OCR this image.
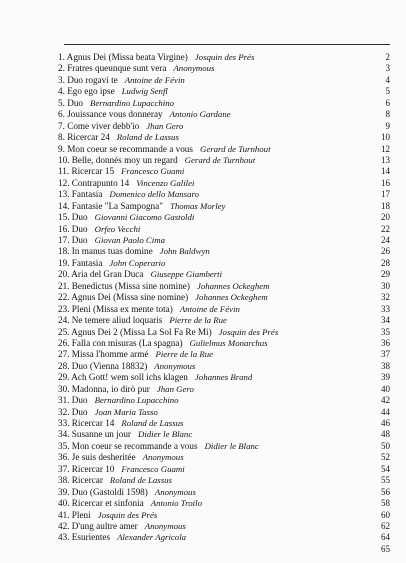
1. Agnus Dei (Missa beata Virgine) Josquin des Prés	2
2. Fratres queunque sunt vera Anonymous	3
3. Duo rogavi te Antoine de Févin	4
4. Ego ego ipse Ludwig Senfl	5
5. Duo Bernardino Lupacchino	6
6. Jouissance vous donneray Antonio Gardane	8
7. Come viver debb'io Jhan Gero	9
8. Ricercar 24 Roland de Lassus	10
9. Mon coeur se recommande a vous Gerard de Turnhout	12
10. Belle, donnés moy un regard Gerard de Turnhout	13
11. Ricercar 15 Francesco Guami	14
12. Contrapunto 14 Vincenzo Galilei	16
13. Fantasia Domenico dello Mansaro	17
14. Fantasie "La Sampogna" Thomas Morley	18
15. Duo Giovanni Giacomo Gastoldi	20
16. Duo Orfeo Vecchi	22
17. Duo Giovan Paolo Cima	24
18. In manus tuas domine John Baldwyn	26
19. Fantasia John Coperario	28
20. Aria del Gran Duca Giuseppe Giamberti	29
21. Benedictus (Missa sine nomine) Johannes Ockeghem	30
22. Agnus Dei (Missa sine nomine) Johannes Ockeghem	32
23. Pleni (Missa ex mente tota) Antoine de Févin	33
24. Ne temere aliud loquaris Pierre de la Rue	34
25. Agnus Dei 2 (Missa La Sol Fa Re Mi) Josquin des Prés	35
26. Falla con misuras (La spagna) Gulielmus Monarchus	36
27. Missa l'homme armé Pierre de la Rue	37
28. Duo (Vienna 18832) Anonymous	38
29. Ach Gott! wem soll ichs klagen Johannes Brand	39
30. Madonna, io dirò pur Jhan Gero	40
31. Duo Bernardino Lupacchino	42
32. Duo Joan Maria Tasso	44
33. Ricercar 14 Roland de Lassus	46
34. Susanne un jour Didier le Blanc	48
35. Mon coeur se recommande a vous Didier le Blanc	50
36. Je suis desheritée Anonymous	52
37. Ricercar 10 Francesco Guami	54
38. Ricercar Roland de Lassus	55
39. Duo (Gastoldi 1598) Anonymous	56
40. Ricercar et sinfonia Antonio Troilo	58
41. Pleni Josquin des Prés	60
42. D'ung aultre amer Anonymous	62
43. Esurientes Alexander Agricola	64
65
